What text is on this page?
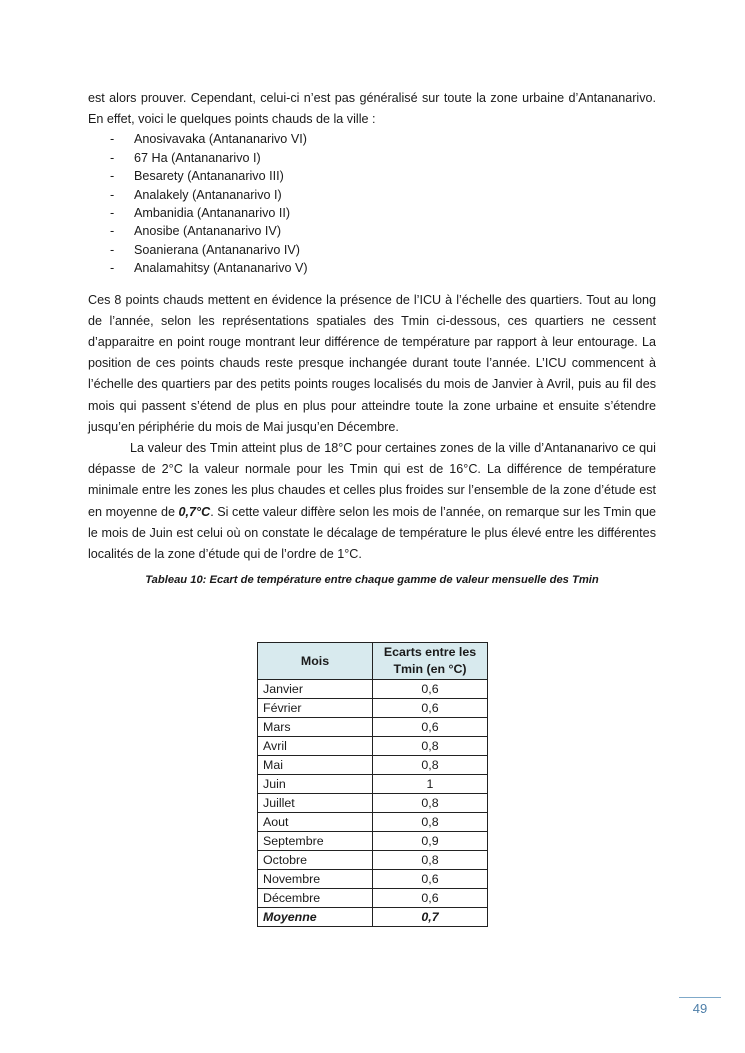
est alors prouver. Cependant, celui-ci n’est pas généralisé sur toute la zone urbaine d’Antananarivo. En effet, voici le quelques points chauds de la ville :

- Anosivavaka (Antananarivo VI)
- 67 Ha (Antananarivo I)
- Besarety (Antananarivo III)
- Analakely (Antananarivo I)
- Ambanidia (Antananarivo II)
- Anosibe (Antananarivo IV)
- Soanierana (Antananarivo IV)
- Analamahitsy (Antananarivo V)

Ces 8 points chauds mettent en évidence la présence de l’ICU à l’échelle des quartiers. Tout au long de l’année, selon les représentations spatiales des Tmin ci-dessous, ces quartiers ne cessent d’apparaitre en point rouge montrant leur différence de température par rapport à leur entourage. La position de ces points chauds reste presque inchangée durant toute l’année. L’ICU commencent à l’échelle des quartiers par des petits points rouges localisés du mois de Janvier à Avril, puis au fil des mois qui passent s’étend de plus en plus pour atteindre toute la zone urbaine et ensuite s’étendre jusqu’en périphérie du mois de Mai jusqu’en Décembre.

La valeur des Tmin atteint plus de 18°C pour certaines zones de la ville d’Antananarivo ce qui dépasse de 2°C la valeur normale pour les Tmin qui est de 16°C. La différence de température minimale entre les zones les plus chaudes et celles plus froides sur l’ensemble de la zone d’étude est en moyenne de 0,7°C. Si cette valeur diffère selon les mois de l’année, on remarque sur les Tmin que le mois de Juin est celui où on constate le décalage de température le plus élevé entre les différentes localités de la zone d’étude qui de l’ordre de 1°C.

Tableau 10: Ecart de température entre chaque gamme de valeur mensuelle des Tmin

Mois	Ecarts entre les Tmin (en °C)
Janvier	0,6
Février	0,6
Mars	0,6
Avril	0,8
Mai	0,8
Juin	1
Juillet	0,8
Aout	0,8
Septembre	0,9
Octobre	0,8
Novembre	0,6
Décembre	0,6
Moyenne	0,7
49
